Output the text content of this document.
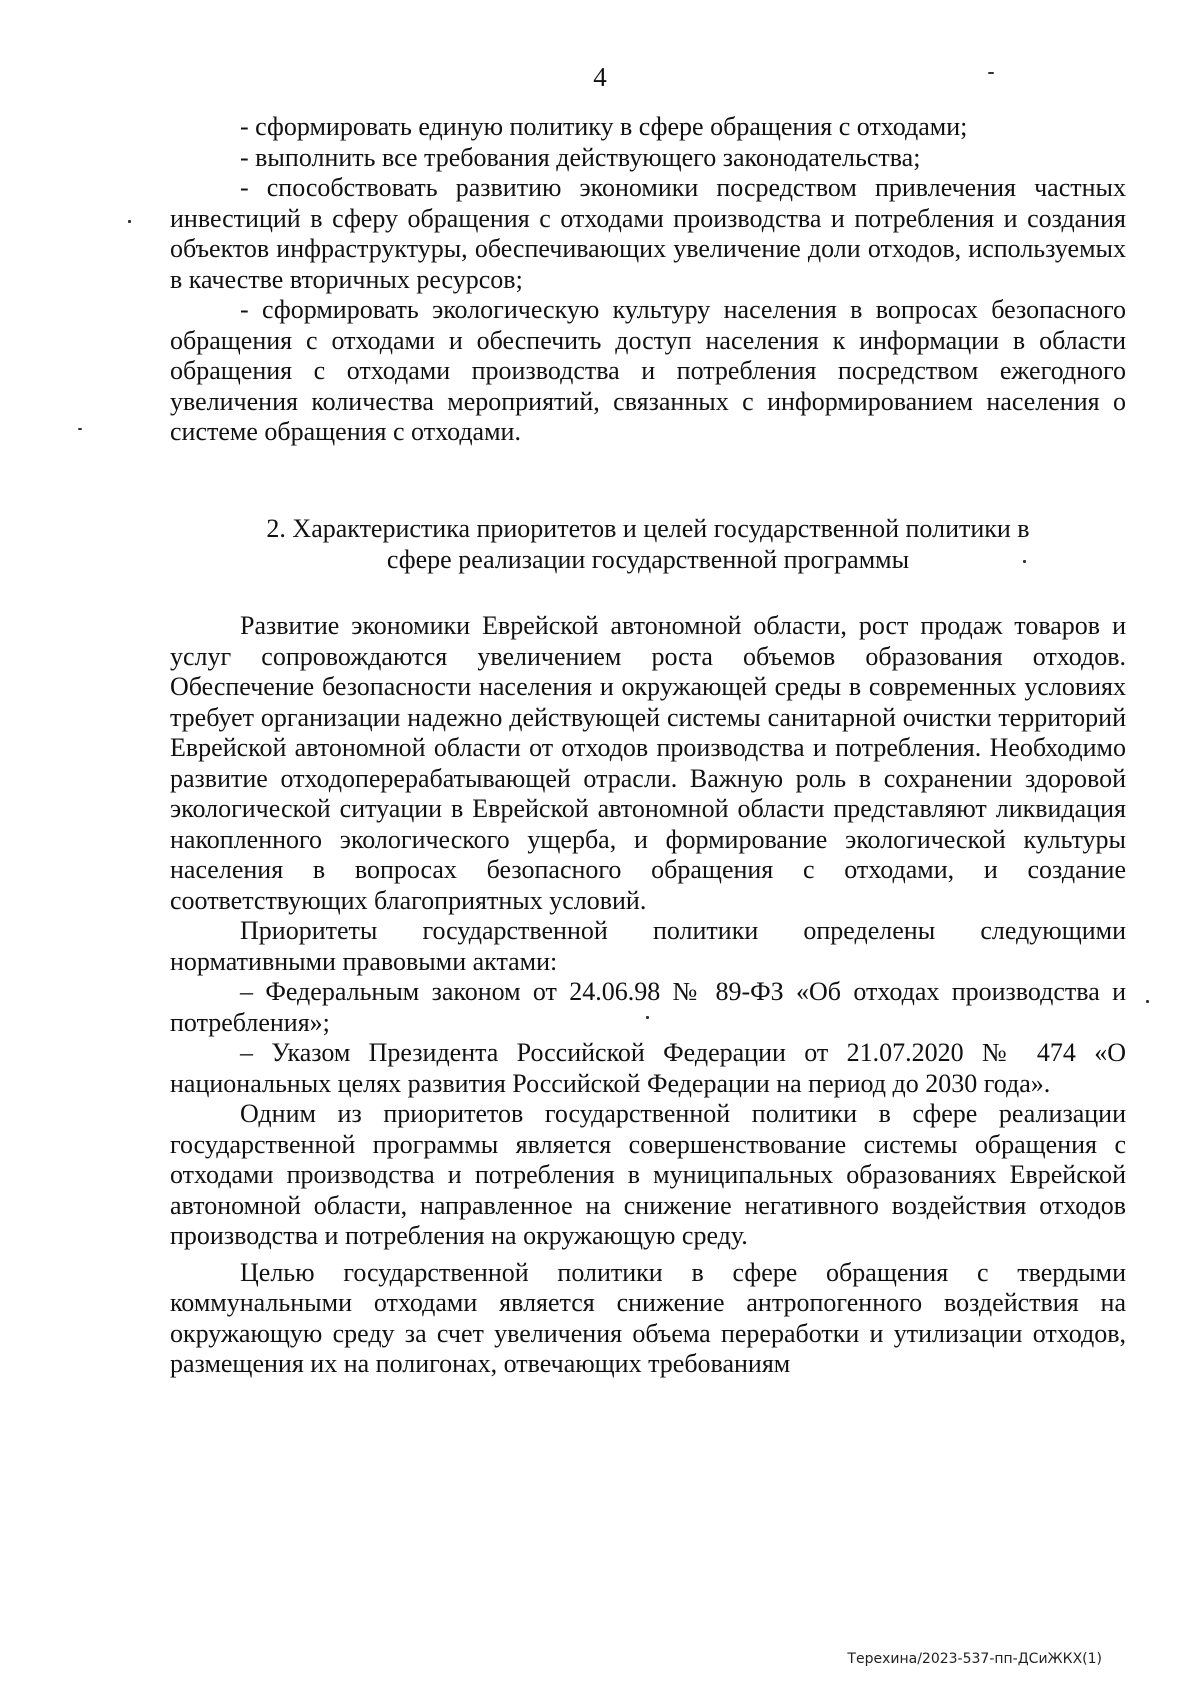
4

- сформировать единую политику в сфере обращения с отходами;

- выполнить все требования действующего законодательства;

- способствовать развитию экономики посредством привлечения частных инвестиций в сферу обращения с отходами производства и потребления и создания объектов инфраструктуры, обеспечивающих увеличение доли отходов, используемых в качестве вторичных ресурсов;

- сформировать экологическую культуру населения в вопросах безопасного обращения с отходами и обеспечить доступ населения к информации в области обращения с отходами производства и потребления посредством ежегодного увеличения количества мероприятий, связанных с информированием населения о системе обращения с отходами.

2. Характеристика приоритетов и целей государственной политики в
сфере реализации государственной программы

Развитие экономики Еврейской автономной области, рост продаж товаров и услуг сопровождаются увеличением роста объемов образования отходов. Обеспечение безопасности населения и окружающей среды в современных условиях требует организации надежно действующей системы санитарной очистки территорий Еврейской автономной области от отходов производства и потребления. Необходимо развитие отходоперерабатывающей отрасли. Важную роль в сохранении здоровой экологической ситуации в Еврейской автономной области представляют ликвидация накопленного экологического ущерба, и формирование экологической культуры населения в вопросах безопасного обращения с отходами, и создание соответствующих благоприятных условий.

Приоритеты государственной политики определены следующими нормативными правовыми актами:

– Федеральным законом от 24.06.98 № 89-ФЗ «Об отходах производства и потребления»;

– Указом Президента Российской Федерации от 21.07.2020 № 474 «О национальных целях развития Российской Федерации на период до 2030 года».

Одним из приоритетов государственной политики в сфере реализации государственной программы является совершенствование системы обращения с отходами производства и потребления в муниципальных образованиях Еврейской автономной области, направленное на снижение негативного воздействия отходов производства и потребления на окружающую среду.

Целью государственной политики в сфере обращения с твердыми коммунальными отходами является снижение антропогенного воздействия на окружающую среду за счет увеличения объема переработки и утилизации отходов, размещения их на полигонах, отвечающих требованиям

Терехина/2023-537-пп-ДСиЖКХ(1)
